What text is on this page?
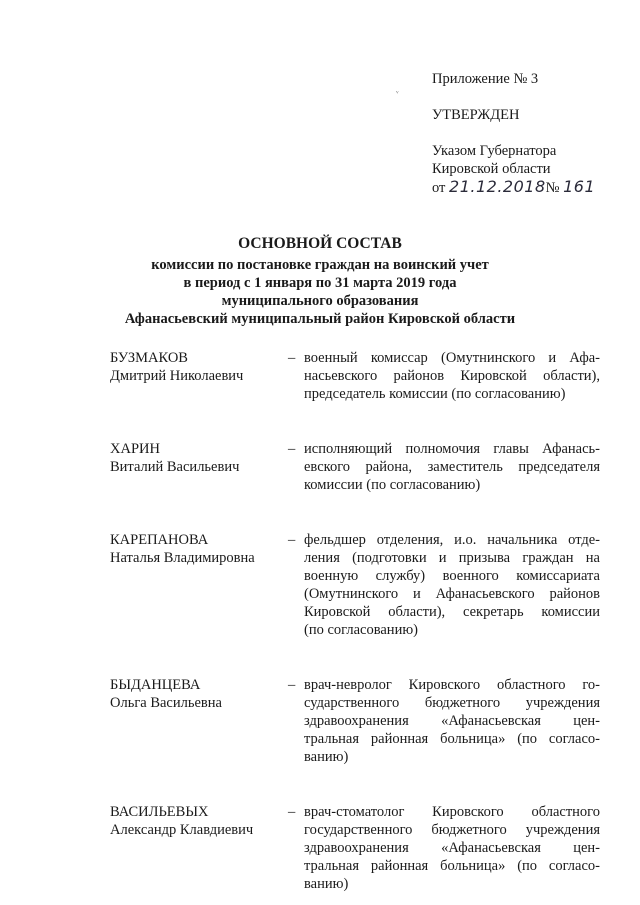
ᵛ
Приложение № 3
УТВЕРЖДЕН
Указом Губернатора
Кировской области
от
21.12.2018 №
161
ОСНОВНОЙ СОСТАВ
комиссии по постановке граждан на воинский учет
в период с 1 января по 31 марта 2019 года
муниципального образования
Афанасьевский муниципальный район Кировской области
БУЗМАКОВ
Дмитрий Николаевич
– военный комиссар (Омутнинского и Афа-
насьевского районов Кировской области),
председатель комиссии (по согласованию)
ХАРИН
Виталий Васильевич
– исполняющий полномочия главы Афанась-
евского района, заместитель председателя
комиссии (по согласованию)
КАРЕПАНОВА
Наталья Владимировна
– фельдшер отделения, и.о. начальника отде-
ления (подготовки и призыва граждан на
военную службу) военного комиссариата
(Омутнинского и Афанасьевского районов
Кировской области), секретарь комиссии
(по согласованию)
БЫДАНЦЕВА
Ольга Васильевна
– врач-невролог Кировского областного го-
сударственного бюджетного учреждения
здравоохранения «Афанасьевская цен-
тральная районная больница» (по согласо-
ванию)
ВАСИЛЬЕВЫХ
Александр Клавдиевич
– врач-стоматолог Кировского областного
государственного бюджетного учреждения
здравоохранения «Афанасьевская цен-
тральная районная больница» (по согласо-
ванию)
